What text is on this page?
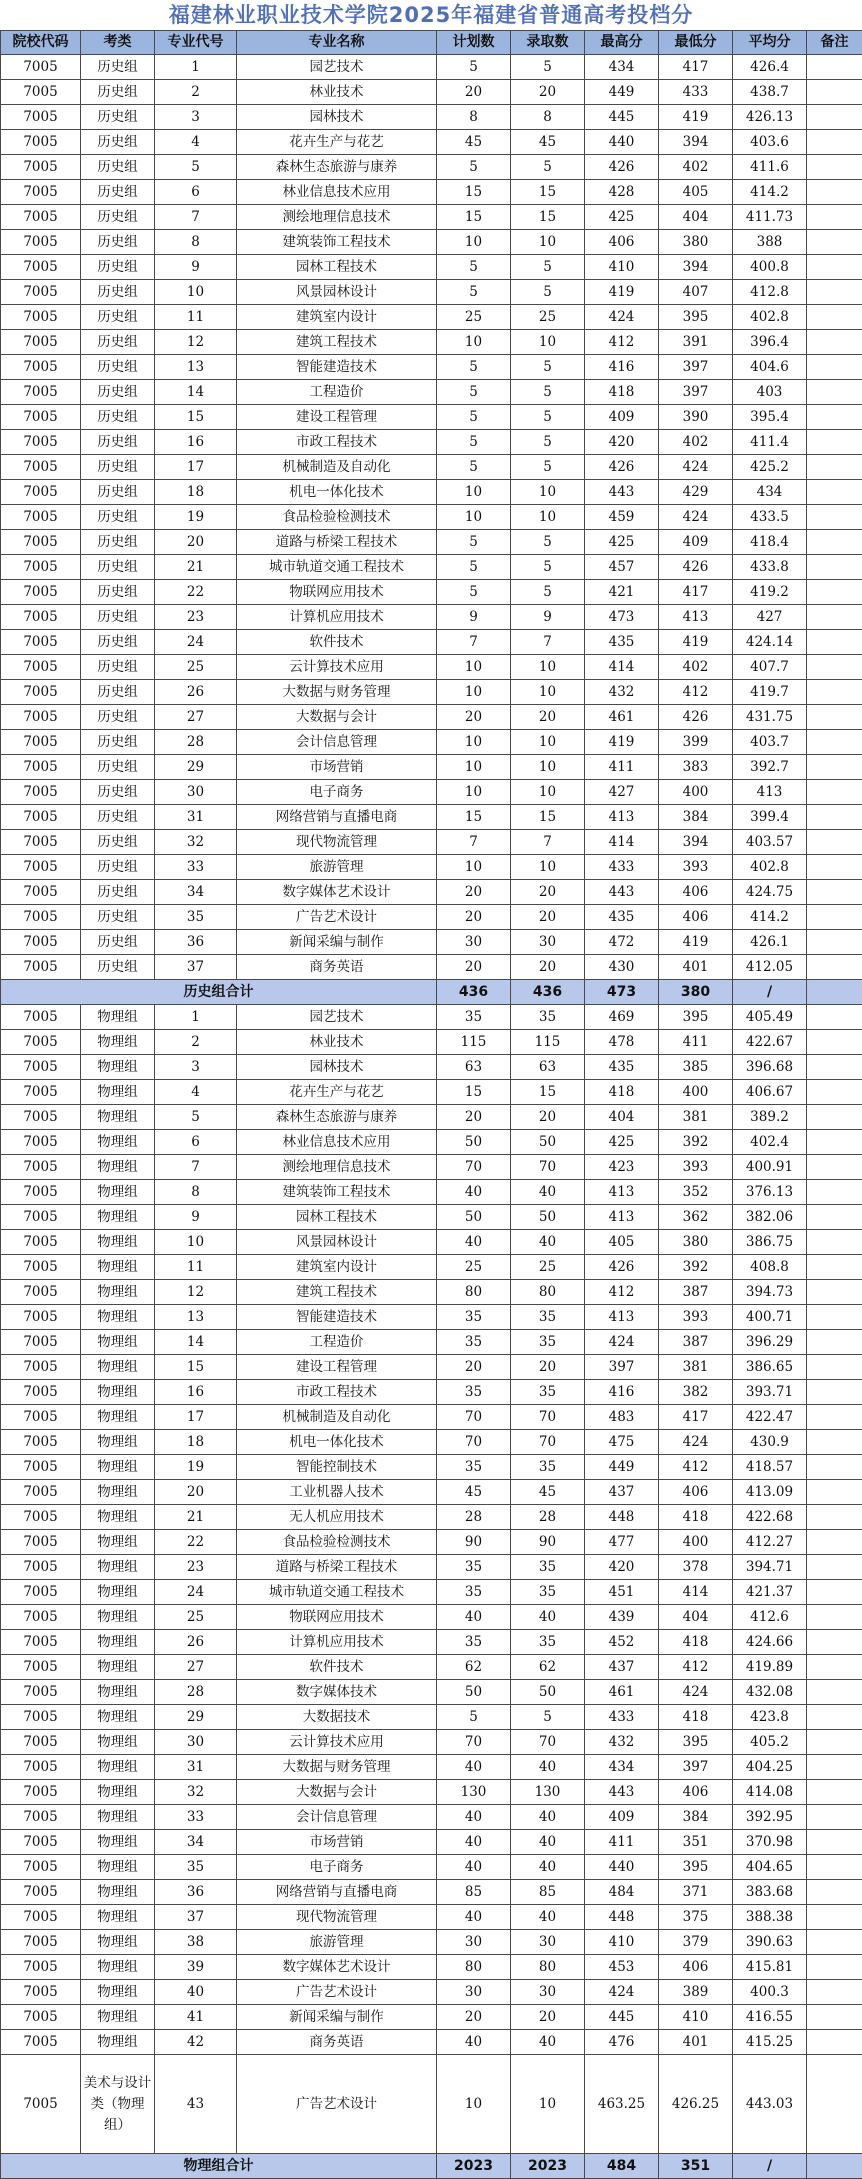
福建林业职业技术学院2025年福建省普通高考投档分
院校代码	考类	专业代号	专业名称	计划数	录取数	最高分	最低分	平均分	备注
7005	历史组	1	园艺技术	5	5	434	417	426.4	
7005	历史组	2	林业技术	20	20	449	433	438.7	
7005	历史组	3	园林技术	8	8	445	419	426.13	
7005	历史组	4	花卉生产与花艺	45	45	440	394	403.6	
7005	历史组	5	森林生态旅游与康养	5	5	426	402	411.6	
7005	历史组	6	林业信息技术应用	15	15	428	405	414.2	
7005	历史组	7	测绘地理信息技术	15	15	425	404	411.73	
7005	历史组	8	建筑装饰工程技术	10	10	406	380	388	
7005	历史组	9	园林工程技术	5	5	410	394	400.8	
7005	历史组	10	风景园林设计	5	5	419	407	412.8	
7005	历史组	11	建筑室内设计	25	25	424	395	402.8	
7005	历史组	12	建筑工程技术	10	10	412	391	396.4	
7005	历史组	13	智能建造技术	5	5	416	397	404.6	
7005	历史组	14	工程造价	5	5	418	397	403	
7005	历史组	15	建设工程管理	5	5	409	390	395.4	
7005	历史组	16	市政工程技术	5	5	420	402	411.4	
7005	历史组	17	机械制造及自动化	5	5	426	424	425.2	
7005	历史组	18	机电一体化技术	10	10	443	429	434	
7005	历史组	19	食品检验检测技术	10	10	459	424	433.5	
7005	历史组	20	道路与桥梁工程技术	5	5	425	409	418.4	
7005	历史组	21	城市轨道交通工程技术	5	5	457	426	433.8	
7005	历史组	22	物联网应用技术	5	5	421	417	419.2	
7005	历史组	23	计算机应用技术	9	9	473	413	427	
7005	历史组	24	软件技术	7	7	435	419	424.14	
7005	历史组	25	云计算技术应用	10	10	414	402	407.7	
7005	历史组	26	大数据与财务管理	10	10	432	412	419.7	
7005	历史组	27	大数据与会计	20	20	461	426	431.75	
7005	历史组	28	会计信息管理	10	10	419	399	403.7	
7005	历史组	29	市场营销	10	10	411	383	392.7	
7005	历史组	30	电子商务	10	10	427	400	413	
7005	历史组	31	网络营销与直播电商	15	15	413	384	399.4	
7005	历史组	32	现代物流管理	7	7	414	394	403.57	
7005	历史组	33	旅游管理	10	10	433	393	402.8	
7005	历史组	34	数字媒体艺术设计	20	20	443	406	424.75	
7005	历史组	35	广告艺术设计	20	20	435	406	414.2	
7005	历史组	36	新闻采编与制作	30	30	472	419	426.1	
7005	历史组	37	商务英语	20	20	430	401	412.05	
历史组合计				436	436	473	380	/	
7005	物理组	1	园艺技术	35	35	469	395	405.49	
7005	物理组	2	林业技术	115	115	478	411	422.67	
7005	物理组	3	园林技术	63	63	435	385	396.68	
7005	物理组	4	花卉生产与花艺	15	15	418	400	406.67	
7005	物理组	5	森林生态旅游与康养	20	20	404	381	389.2	
7005	物理组	6	林业信息技术应用	50	50	425	392	402.4	
7005	物理组	7	测绘地理信息技术	70	70	423	393	400.91	
7005	物理组	8	建筑装饰工程技术	40	40	413	352	376.13	
7005	物理组	9	园林工程技术	50	50	413	362	382.06	
7005	物理组	10	风景园林设计	40	40	405	380	386.75	
7005	物理组	11	建筑室内设计	25	25	426	392	408.8	
7005	物理组	12	建筑工程技术	80	80	412	387	394.73	
7005	物理组	13	智能建造技术	35	35	413	393	400.71	
7005	物理组	14	工程造价	35	35	424	387	396.29	
7005	物理组	15	建设工程管理	20	20	397	381	386.65	
7005	物理组	16	市政工程技术	35	35	416	382	393.71	
7005	物理组	17	机械制造及自动化	70	70	483	417	422.47	
7005	物理组	18	机电一体化技术	70	70	475	424	430.9	
7005	物理组	19	智能控制技术	35	35	449	412	418.57	
7005	物理组	20	工业机器人技术	45	45	437	406	413.09	
7005	物理组	21	无人机应用技术	28	28	448	418	422.68	
7005	物理组	22	食品检验检测技术	90	90	477	400	412.27	
7005	物理组	23	道路与桥梁工程技术	35	35	420	378	394.71	
7005	物理组	24	城市轨道交通工程技术	35	35	451	414	421.37	
7005	物理组	25	物联网应用技术	40	40	439	404	412.6	
7005	物理组	26	计算机应用技术	35	35	452	418	424.66	
7005	物理组	27	软件技术	62	62	437	412	419.89	
7005	物理组	28	数字媒体技术	50	50	461	424	432.08	
7005	物理组	29	大数据技术	5	5	433	418	423.8	
7005	物理组	30	云计算技术应用	70	70	432	395	405.2	
7005	物理组	31	大数据与财务管理	40	40	434	397	404.25	
7005	物理组	32	大数据与会计	130	130	443	406	414.08	
7005	物理组	33	会计信息管理	40	40	409	384	392.95	
7005	物理组	34	市场营销	40	40	411	351	370.98	
7005	物理组	35	电子商务	40	40	440	395	404.65	
7005	物理组	36	网络营销与直播电商	85	85	484	371	383.68	
7005	物理组	37	现代物流管理	40	40	448	375	388.38	
7005	物理组	38	旅游管理	30	30	410	379	390.63	
7005	物理组	39	数字媒体艺术设计	80	80	453	406	415.81	
7005	物理组	40	广告艺术设计	30	30	424	389	400.3	
7005	物理组	41	新闻采编与制作	20	20	445	410	416.55	
7005	物理组	42	商务英语	40	40	476	401	415.25	
7005	美术与设计类（物理组）	43	广告艺术设计	10	10	463.25	426.25	443.03	
物理组合计				2023	2023	484	351	/	
